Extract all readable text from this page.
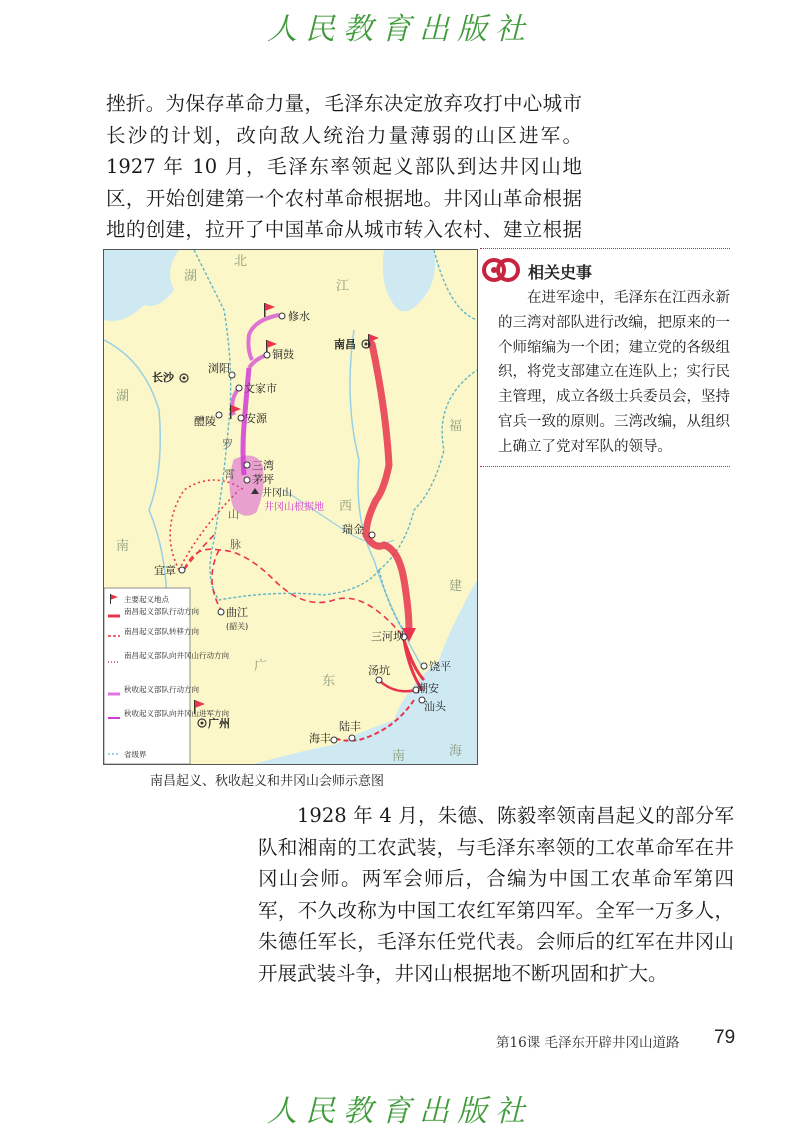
人民教育出版社
挫折。为保存革命力量，毛泽东决定放弃攻打中心城市长沙的计划，改向敌人统治力量薄弱的山区进军。1927 年 10 月，毛泽东率领起义部队到达井冈山地区，开始创建第一个农村革命根据地。井冈山革命根据地的创建，拉开了中国革命从城市转入农村、建立根据
修水
铜鼓
浏阳
文家市
长沙
醴陵	安源
三湾
茅坪
井冈山
井冈山根据地
南昌
瑞金
宜章
曲江
(韶关)
三河坝
饶平
汤坑
潮安
汕头
陆丰
海丰
广州
湖
北
湖
南
江
西
罗
霄
山
脉
福
建
广
东
南	海
主要起义地点
南昌起义部队行动方向
南昌起义部队转移方向
南昌起义部队向井冈山行动方向
秋收起义部队行动方向
秋收起义部队向井冈山进军方向
省级界
南昌起义、秋收起义和井冈山会师示意图
相关史事
在进军途中，毛泽东在江西永新的三湾对部队进行改编，把原来的一个师缩编为一个团；建立党的各级组织，将党支部建立在连队上；实行民主管理，成立各级士兵委员会，坚持官兵一致的原则。三湾改编，从组织上确立了党对军队的领导。
1928 年 4 月，朱德、陈毅率领南昌起义的部分军队和湘南的工农武装，与毛泽东率领的工农革命军在井冈山会师。两军会师后，合编为中国工农革命军第四军，不久改称为中国工农红军第四军。全军一万多人，朱德任军长，毛泽东任党代表。会师后的红军在井冈山开展武装斗争，井冈山根据地不断巩固和扩大。
第16课 毛泽东开辟井冈山道路 79
人民教育出版社
